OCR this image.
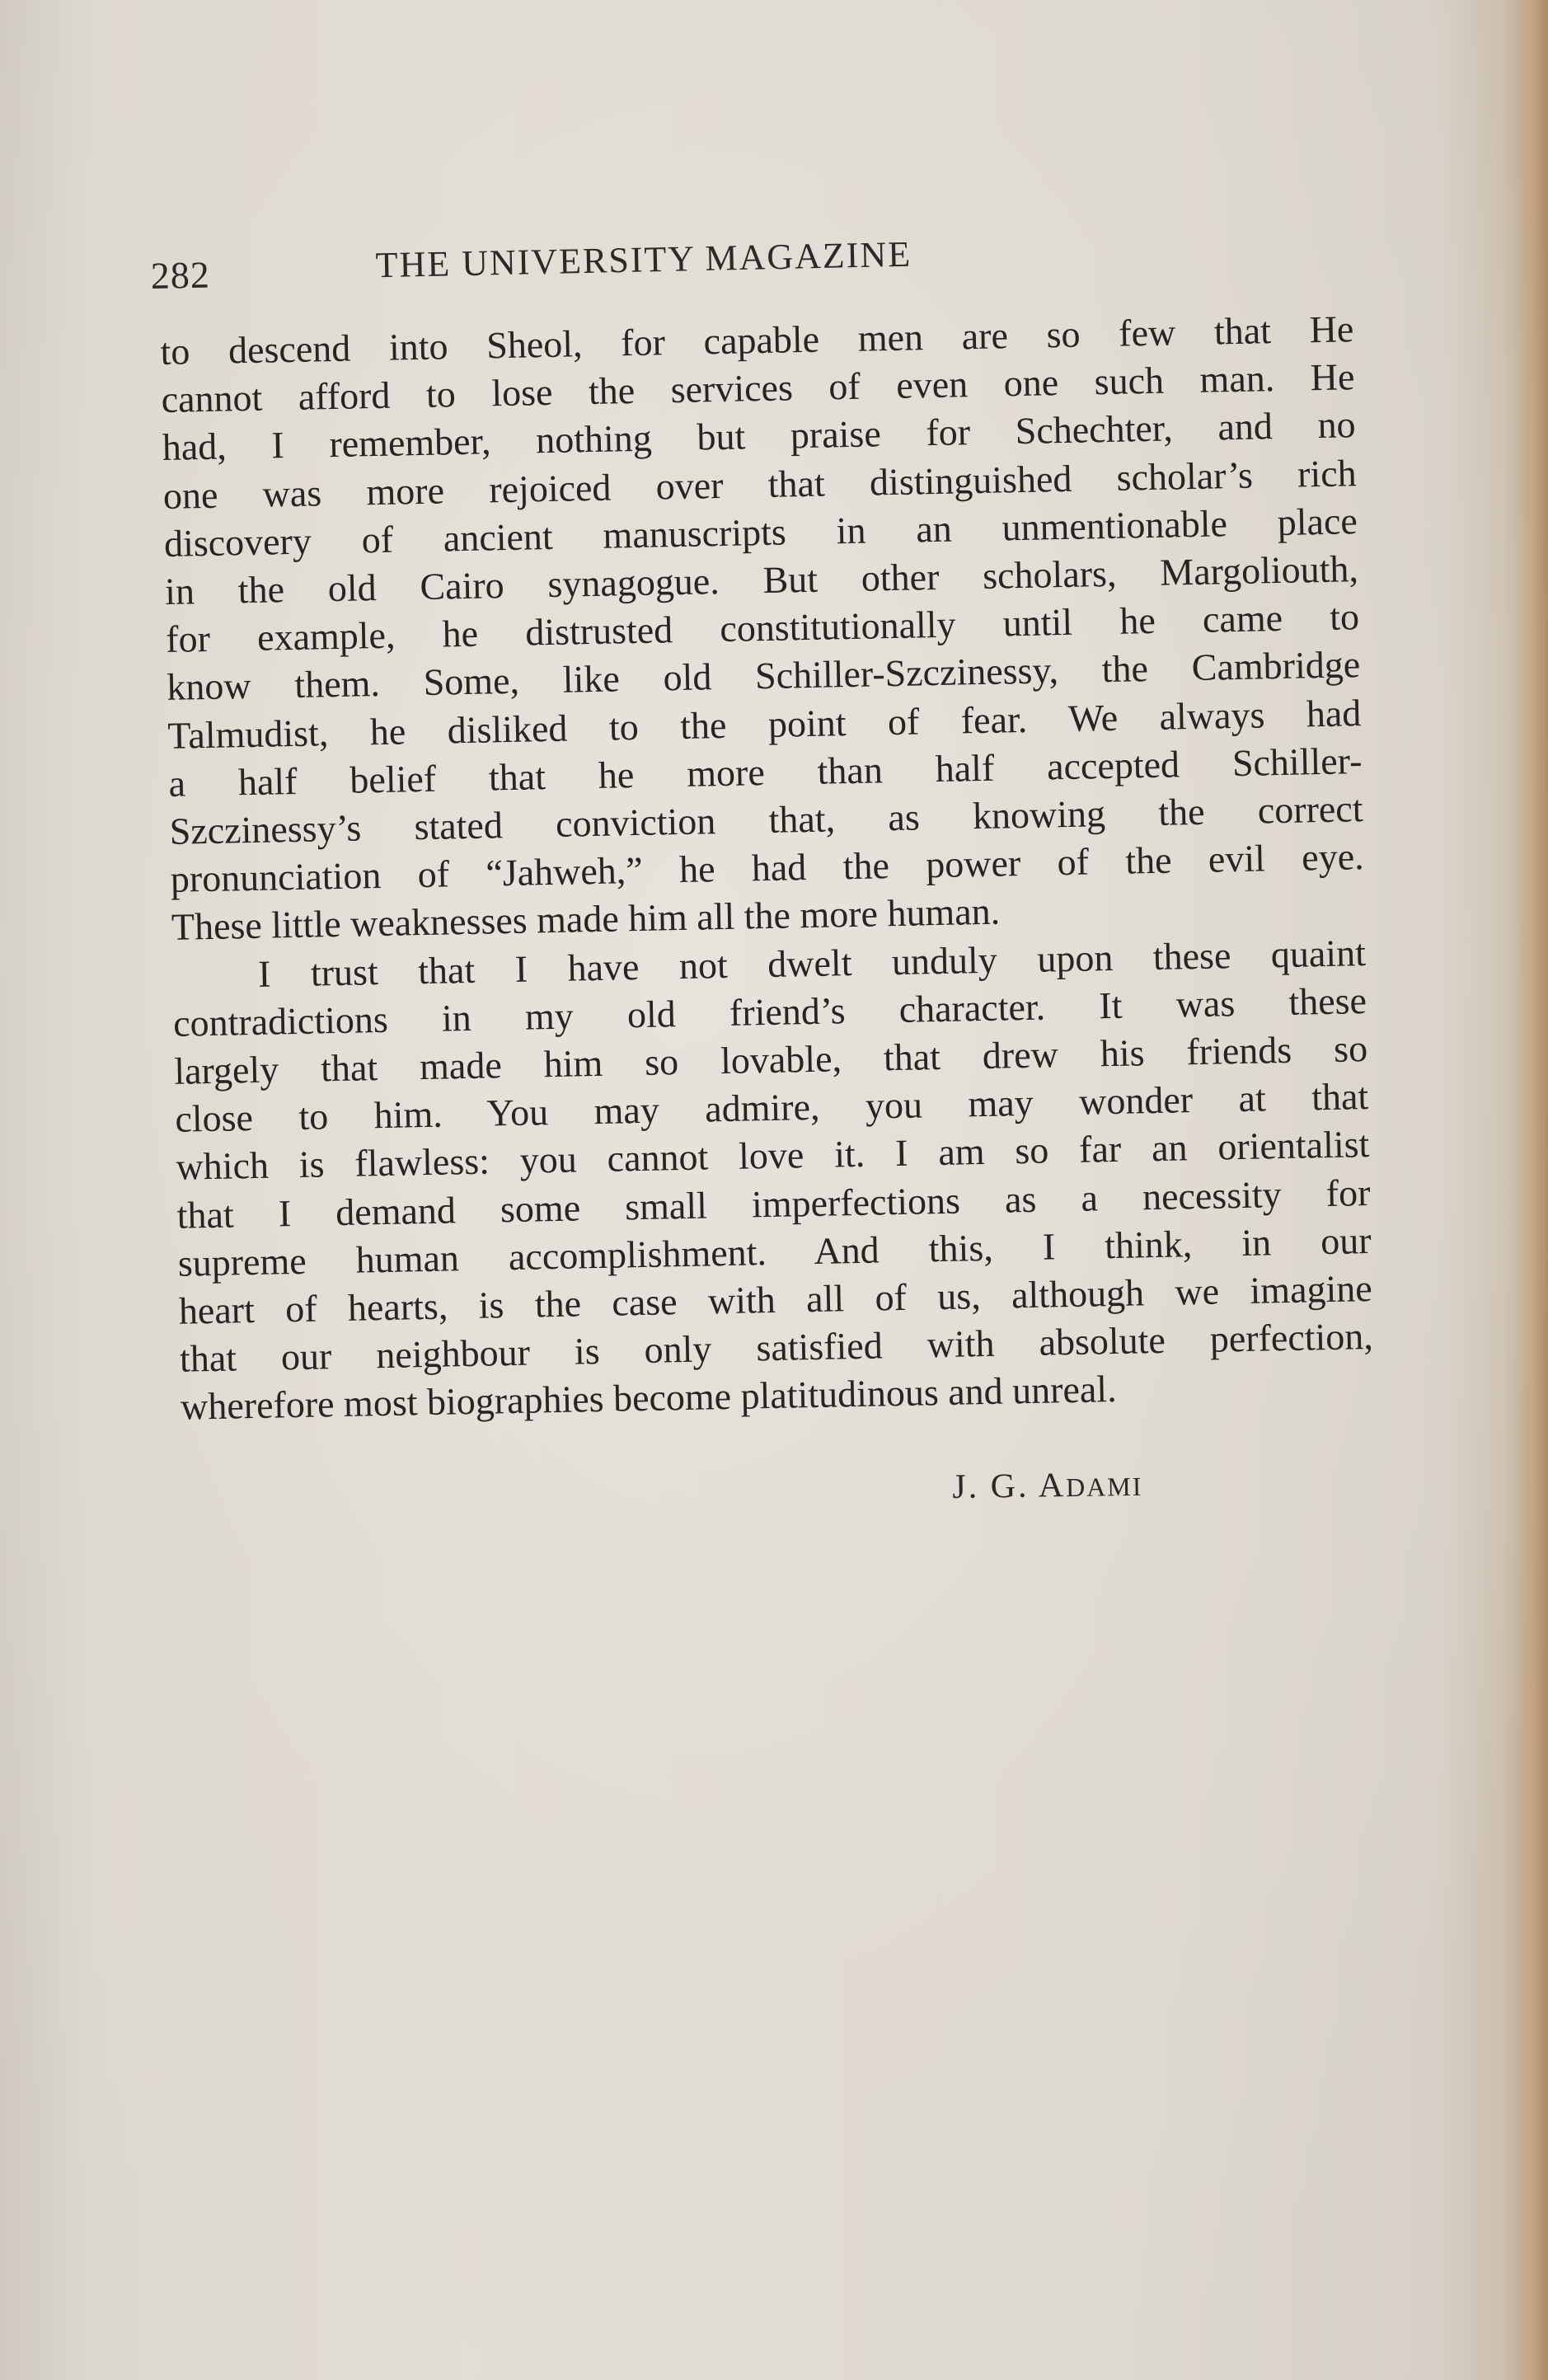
282	THE UNIVERSITY MAGAZINE

to descend into Sheol, for capable men are so few that He
cannot afford to lose the services of even one such man. He
had, I remember, nothing but praise for Schechter, and no
one was more rejoiced over that distinguished scholar’s rich
discovery of ancient manuscripts in an unmentionable place
in the old Cairo synagogue. But other scholars, Margoliouth,
for example, he distrusted constitutionally until he came to
know them. Some, like old Schiller-Szczinessy, the Cambridge
Talmudist, he disliked to the point of fear. We always had
a half belief that he more than half accepted Schiller-
Szczinessy’s stated conviction that, as knowing the correct
pronunciation of “Jahweh,” he had the power of the evil eye.
These little weaknesses made him all the more human.

I trust that I have not dwelt unduly upon these quaint
contradictions in my old friend’s character. It was these
largely that made him so lovable, that drew his friends so
close to him. You may admire, you may wonder at that
which is flawless: you cannot love it. I am so far an orientalist
that I demand some small imperfections as a necessity for
supreme human accomplishment. And this, I think, in our
heart of hearts, is the case with all of us, although we imagine
that our neighbour is only satisfied with absolute perfection,
wherefore most biographies become platitudinous and unreal.

J. G. ADAMI
